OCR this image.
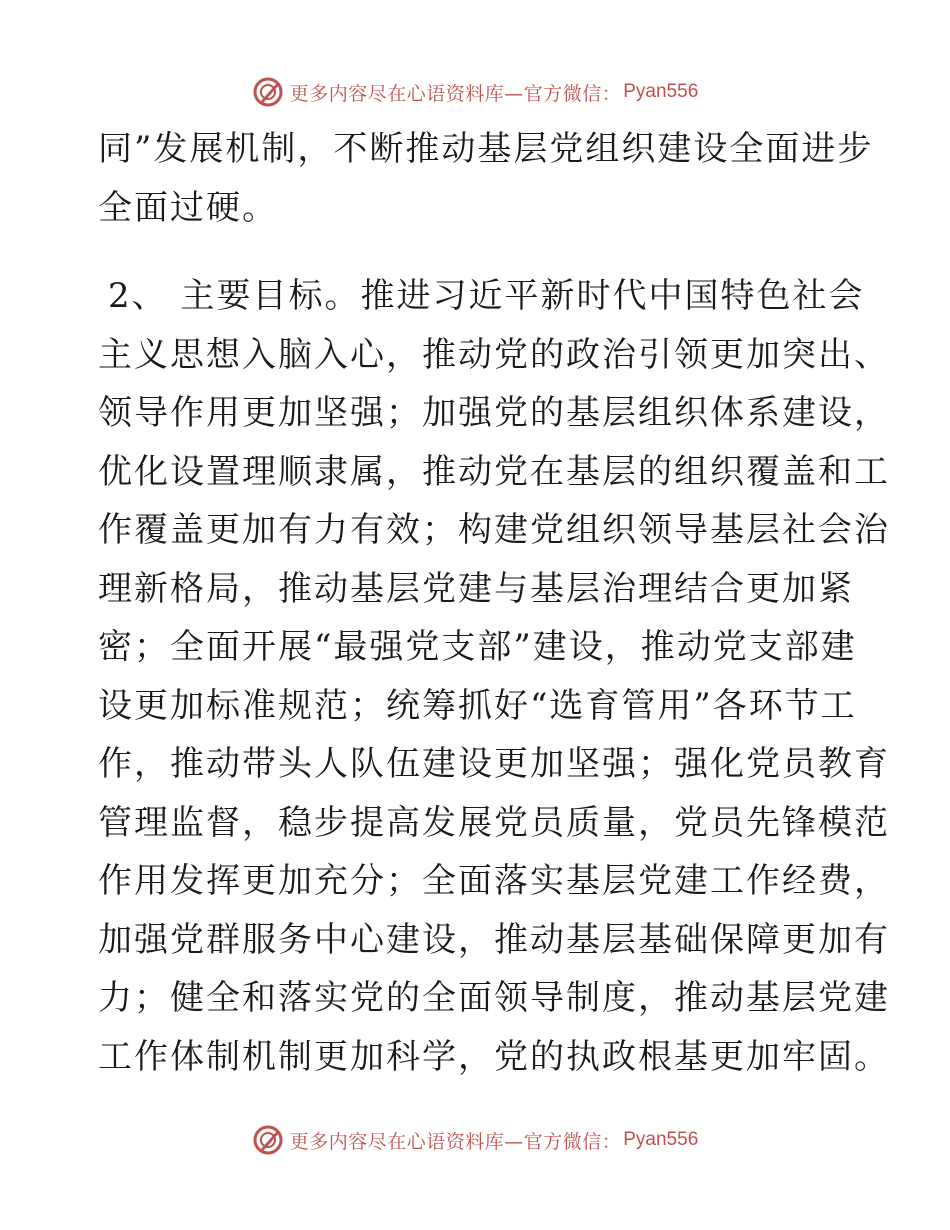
更多内容尽在心语资料库—官方微信： Pyan556
同”发展机制，不断推动基层党组织建设全面进步
全面过硬。
2、 主要目标。推进习近平新时代中国特色社会
主义思想入脑入心，推动党的政治引领更加突出、
领导作用更加坚强；加强党的基层组织体系建设，
优化设置理顺隶属，推动党在基层的组织覆盖和工
作覆盖更加有力有效；构建党组织领导基层社会治
理新格局，推动基层党建与基层治理结合更加紧
密；全面开展“最强党支部”建设，推动党支部建
设更加标准规范；统筹抓好“选育管用”各环节工
作，推动带头人队伍建设更加坚强；强化党员教育
管理监督，稳步提高发展党员质量，党员先锋模范
作用发挥更加充分；全面落实基层党建工作经费，
加强党群服务中心建设，推动基层基础保障更加有
力；健全和落实党的全面领导制度，推动基层党建
工作体制机制更加科学，党的执政根基更加牢固。
更多内容尽在心语资料库—官方微信： Pyan556
